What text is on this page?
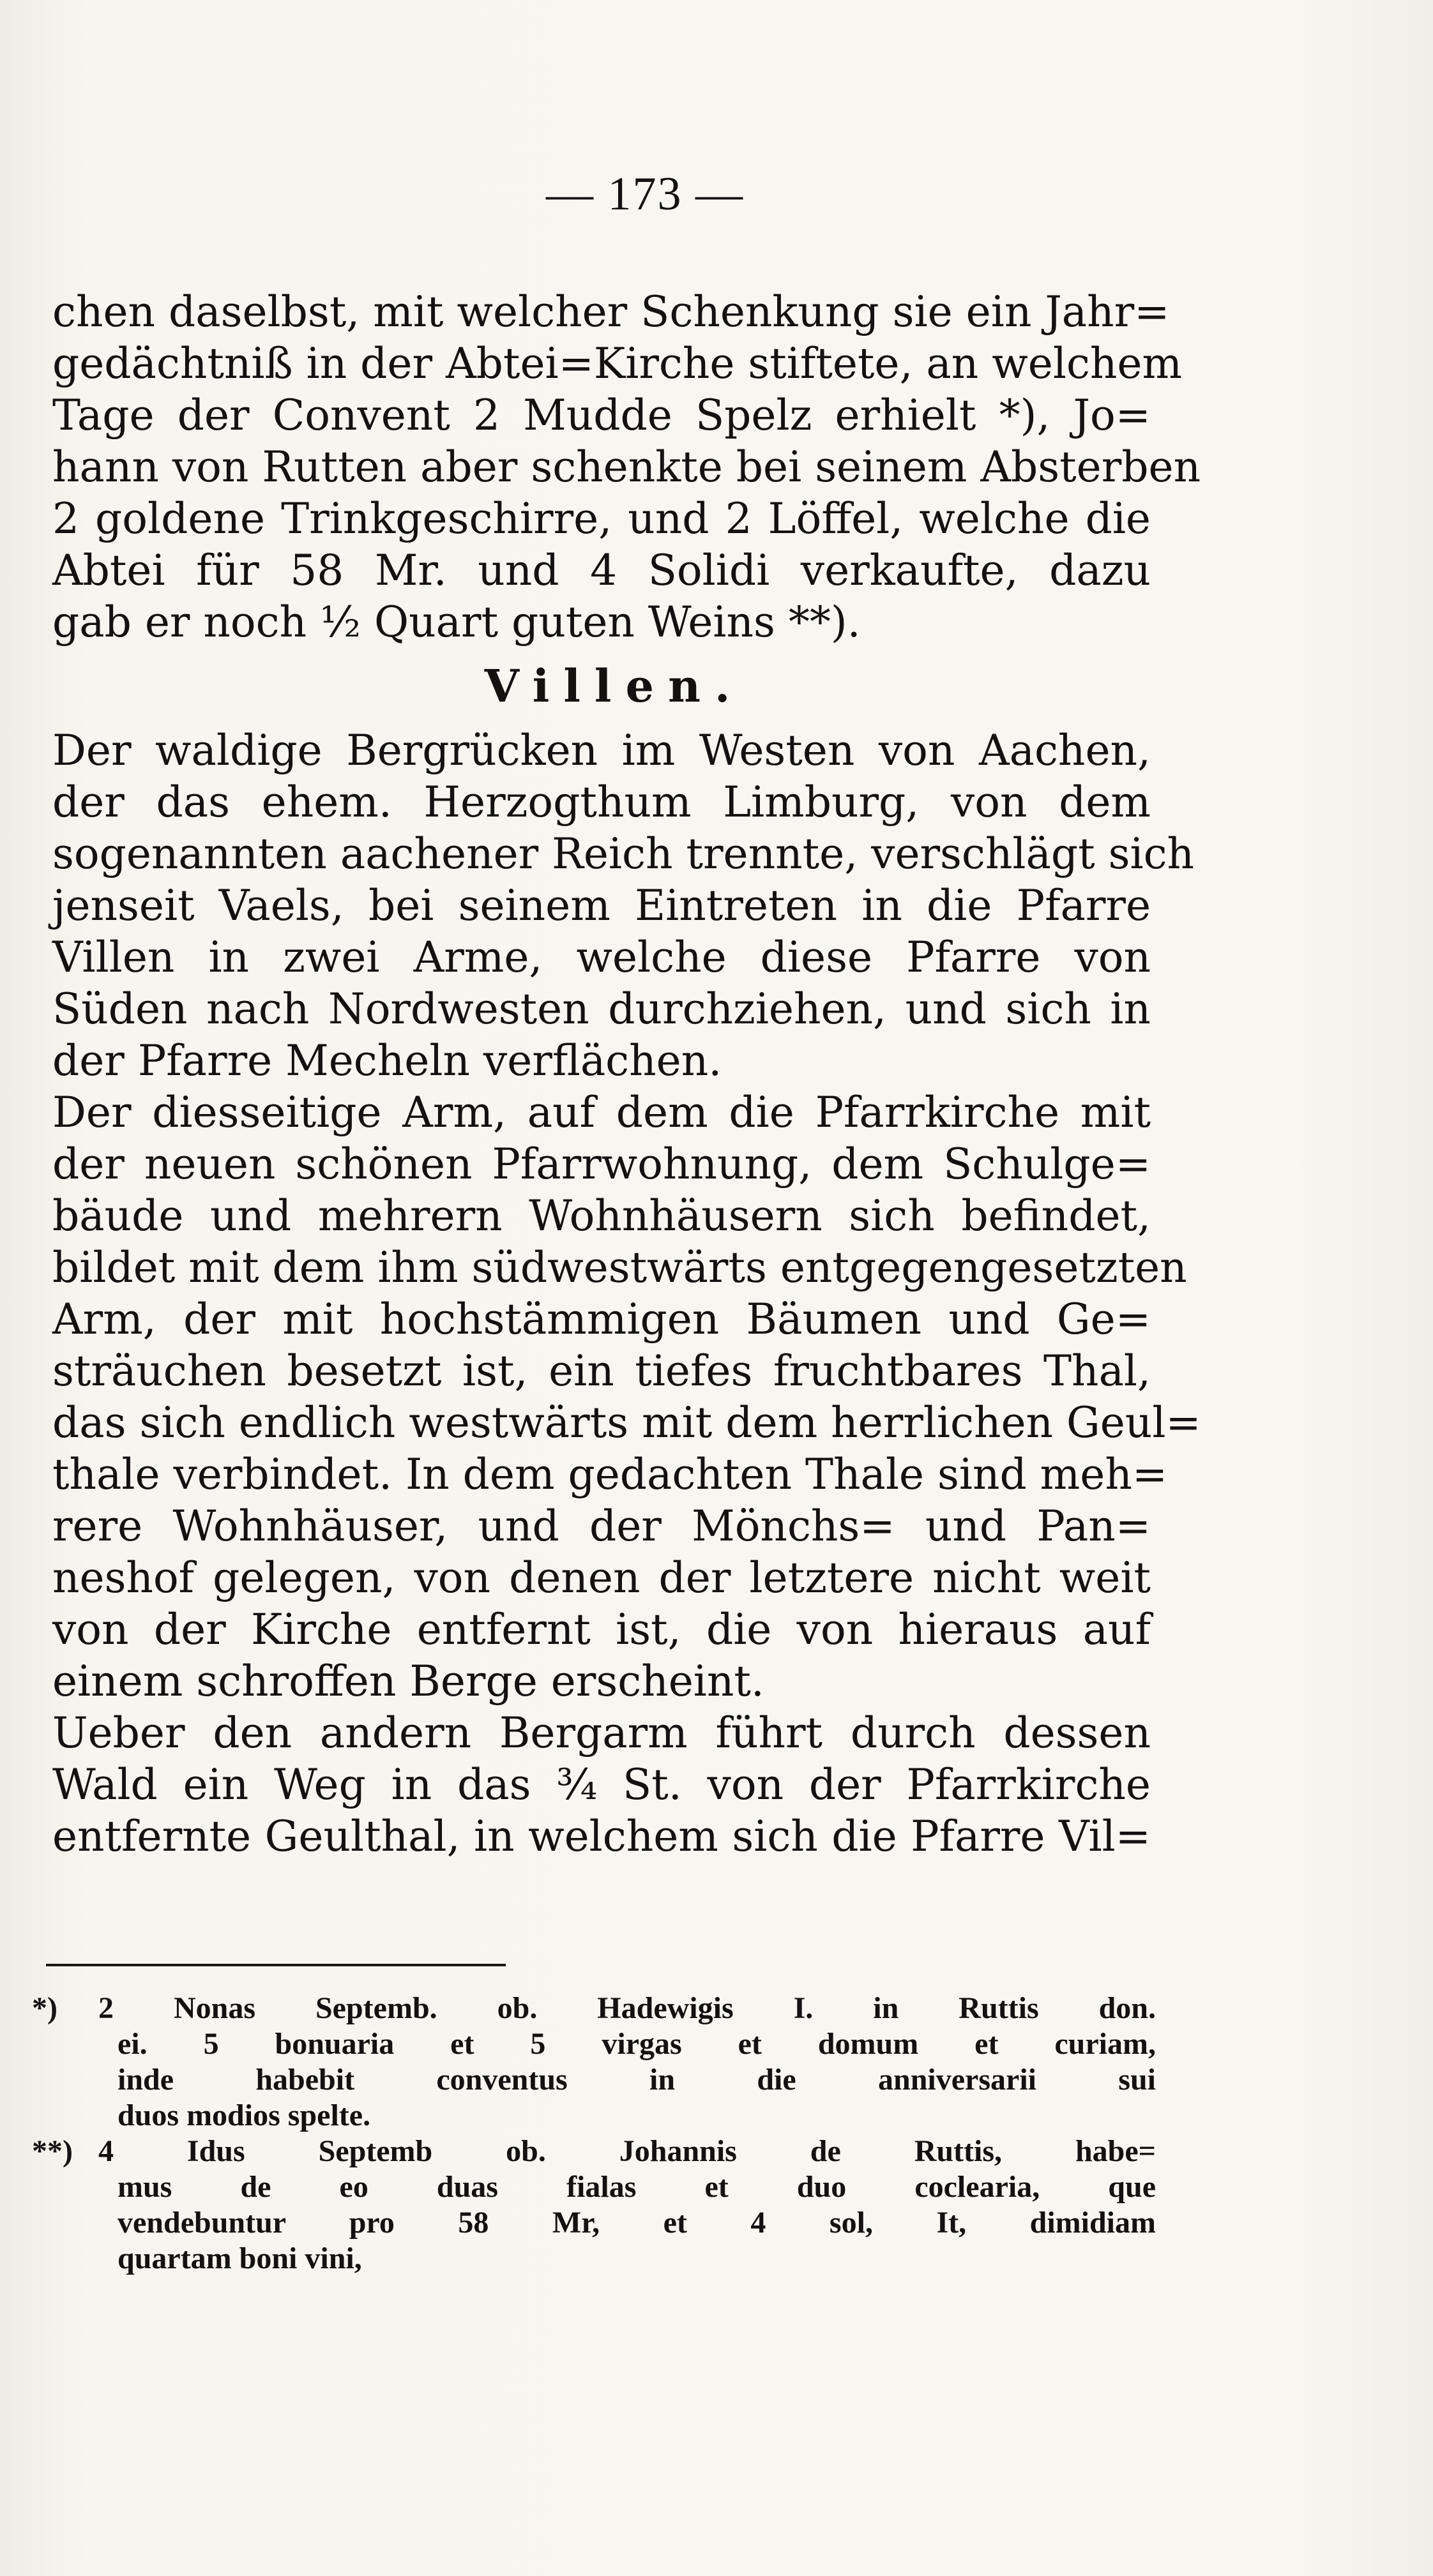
— 173 —
chen daselbst, mit welcher Schenkung sie ein Jahr=
gedächtniß in der Abtei=Kirche stiftete, an welchem
Tage der Convent 2 Mudde Spelz erhielt *), Jo=
hann von Rutten aber schenkte bei seinem Absterben
2 goldene Trinkgeschirre, und 2 Löffel, welche die
Abtei für 58 Mr. und 4 Solidi verkaufte, dazu
gab er noch ½ Quart guten Weins **).
Villen.
Der waldige Bergrücken im Westen von Aachen,
der das ehem. Herzogthum Limburg, von dem
sogenannten aachener Reich trennte, verschlägt sich
jenseit Vaels, bei seinem Eintreten in die Pfarre
Villen in zwei Arme, welche diese Pfarre von
Süden nach Nordwesten durchziehen, und sich in
der Pfarre Mecheln verflächen.
Der diesseitige Arm, auf dem die Pfarrkirche mit
der neuen schönen Pfarrwohnung, dem Schulge=
bäude und mehrern Wohnhäusern sich befindet,
bildet mit dem ihm südwestwärts entgegengesetzten
Arm, der mit hochstämmigen Bäumen und Ge=
sträuchen besetzt ist, ein tiefes fruchtbares Thal,
das sich endlich westwärts mit dem herrlichen Geul=
thale verbindet. In dem gedachten Thale sind meh=
rere Wohnhäuser, und der Mönchs= und Pan=
neshof gelegen, von denen der letztere nicht weit
von der Kirche entfernt ist, die von hieraus auf
einem schroffen Berge erscheint.
Ueber den andern Bergarm führt durch dessen
Wald ein Weg in das ¾ St. von der Pfarrkirche
entfernte Geulthal, in welchem sich die Pfarre Vil=
*)	2 Nonas Septemb. ob. Hadewigis I. in Ruttis don.
ei. 5 bonuaria et 5 virgas et domum et curiam,
inde habebit conventus in die anniversarii sui
duos modios spelte.
**) 4 Idus Septemb ob. Johannis de Ruttis, habe=
mus de eo duas fialas et duo coclearia, que
vendebuntur pro 58 Mr, et 4 sol, It, dimidiam
quartam boni vini,
